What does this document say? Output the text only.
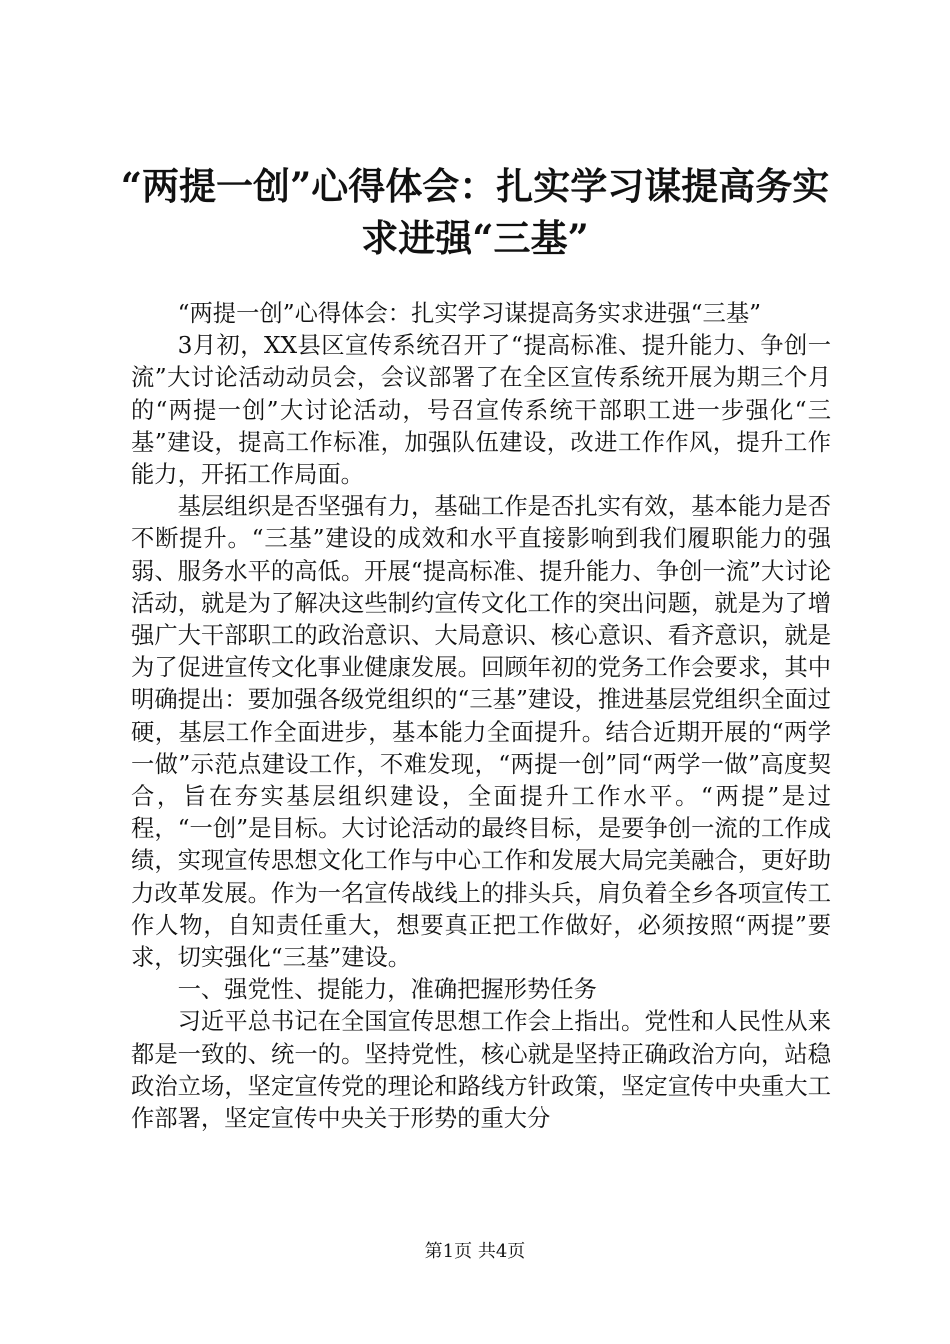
“两提一创”心得体会：扎实学习谋提高务实
求进强“三基”

“两提一创”心得体会：扎实学习谋提高务实求进强“三基”

3月初，XX县区宣传系统召开了“提高标准、提升能力、争创一流”大讨论活动动员会，会议部署了在全区宣传系统开展为期三个月的“两提一创”大讨论活动，号召宣传系统干部职工进一步强化“三基”建设，提高工作标准，加强队伍建设，改进工作作风，提升工作能力，开拓工作局面。

基层组织是否坚强有力，基础工作是否扎实有效，基本能力是否不断提升。“三基”建设的成效和水平直接影响到我们履职能力的强弱、服务水平的高低。开展“提高标准、提升能力、争创一流”大讨论活动，就是为了解决这些制约宣传文化工作的突出问题，就是为了增强广大干部职工的政治意识、大局意识、核心意识、看齐意识，就是为了促进宣传文化事业健康发展。回顾年初的党务工作会要求，其中明确提出：要加强各级党组织的“三基”建设，推进基层党组织全面过硬，基层工作全面进步，基本能力全面提升。结合近期开展的“两学一做”示范点建设工作，不难发现，“两提一创”同“两学一做”高度契合，旨在夯实基层组织建设，全面提升工作水平。“两提”是过程，“一创”是目标。大讨论活动的最终目标，是要争创一流的工作成绩，实现宣传思想文化工作与中心工作和发展大局完美融合，更好助力改革发展。作为一名宣传战线上的排头兵，肩负着全乡各项宣传工作人物，自知责任重大，想要真正把工作做好，必须按照“两提”要求，切实强化“三基”建设。

一、强党性、提能力，准确把握形势任务

习近平总书记在全国宣传思想工作会上指出。党性和人民性从来都是一致的、统一的。坚持党性，核心就是坚持正确政治方向，站稳政治立场，坚定宣传党的理论和路线方针政策，坚定宣传中央重大工作部署，坚定宣传中央关于形势的重大分

第1页 共4页
